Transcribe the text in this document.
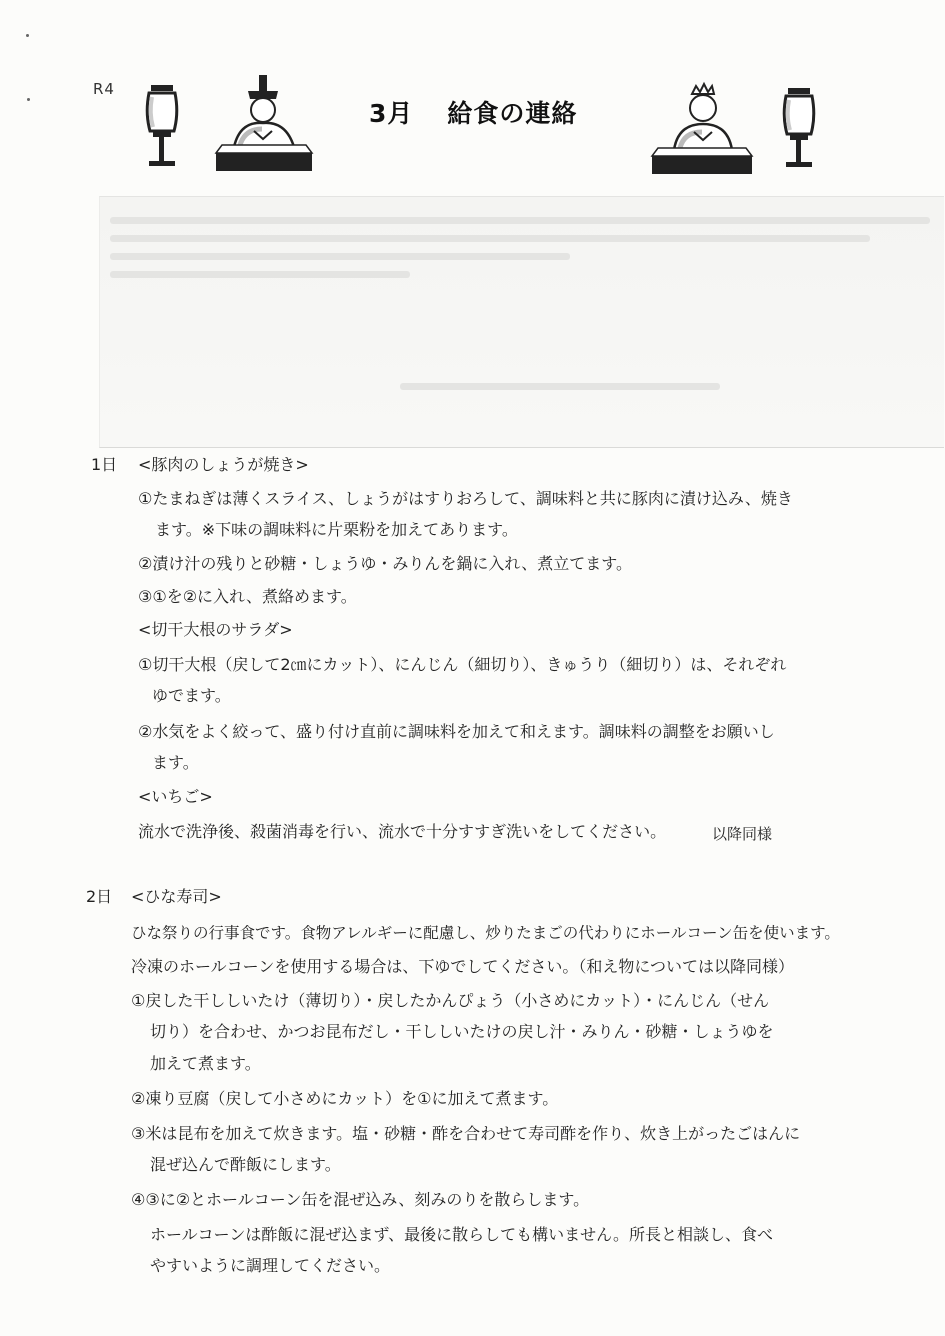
R4
3月 給食の連絡
1日 <豚肉のしょうが焼き>
①たまねぎは薄くスライス、しょうがはすりおろして、調味料と共に豚肉に漬け込み、焼き
ます。※下味の調味料に片栗粉を加えてあります。
②漬け汁の残りと砂糖・しょうゆ・みりんを鍋に入れ、煮立てます。
③①を②に入れ、煮絡めます。
<切干大根のサラダ>
①切干大根（戻して2㎝にカット）、にんじん（細切り）、きゅうり（細切り）は、それぞれ
ゆでます。
②水気をよく絞って、盛り付け直前に調味料を加えて和えます。調味料の調整をお願いし
ます。
<いちご>
流水で洗浄後、殺菌消毒を行い、流水で十分すすぎ洗いをしてください。	以降同様
2日 <ひな寿司>
ひな祭りの行事食です。食物アレルギーに配慮し、炒りたまごの代わりにホールコーン缶を使います。
冷凍のホールコーンを使用する場合は、下ゆでしてください。（和え物については以降同様）
①戻した干ししいたけ（薄切り）・戻したかんぴょう（小さめにカット）・にんじん（せん
切り）を合わせ、かつお昆布だし・干ししいたけの戻し汁・みりん・砂糖・しょうゆを
加えて煮ます。
②凍り豆腐（戻して小さめにカット）を①に加えて煮ます。
③米は昆布を加えて炊きます。塩・砂糖・酢を合わせて寿司酢を作り、炊き上がったごはんに
混ぜ込んで酢飯にします。
④③に②とホールコーン缶を混ぜ込み、刻みのりを散らします。
ホールコーンは酢飯に混ぜ込まず、最後に散らしても構いません。所長と相談し、食べ
やすいように調理してください。
